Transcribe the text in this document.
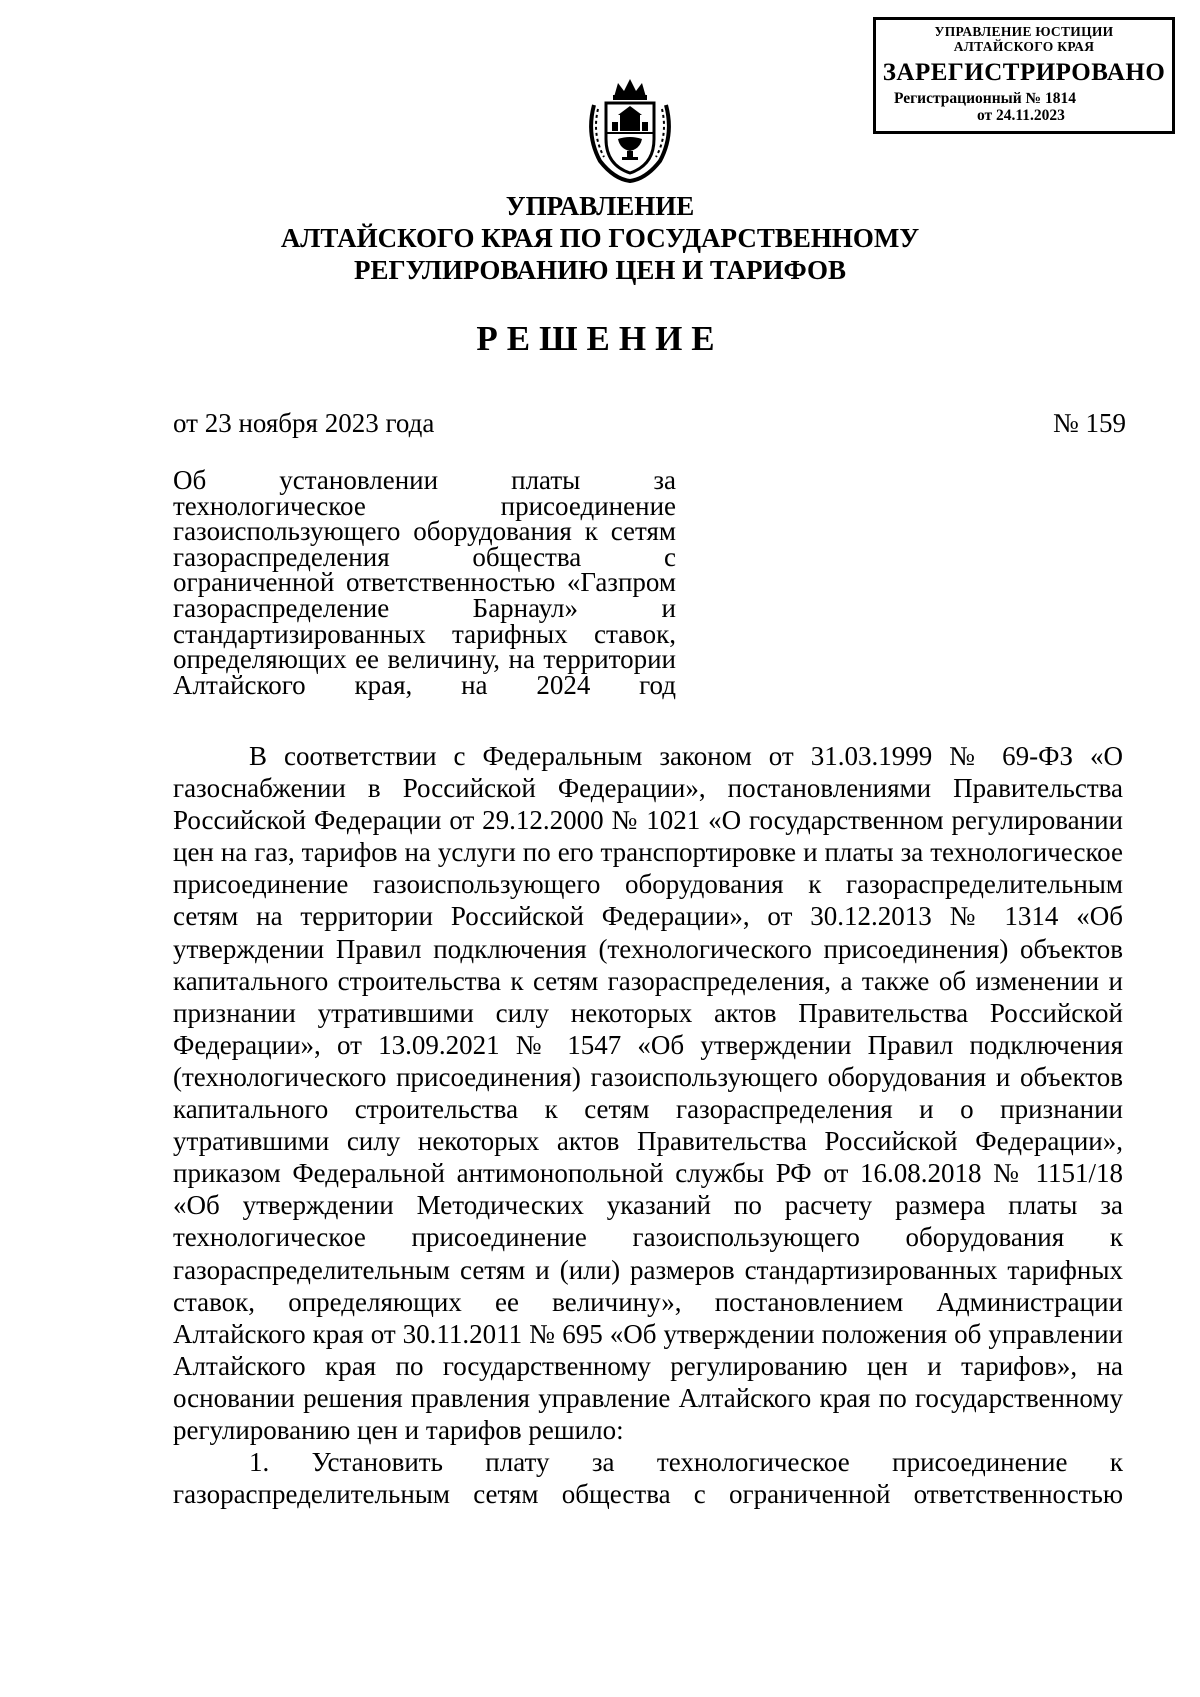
УПРАВЛЕНИЕ ЮСТИЦИИ
АЛТАЙСКОГО КРАЯ
ЗАРЕГИСТРИРОВАНО
Регистрационный № 1814
от 24.11.2023
УПРАВЛЕНИЕ
АЛТАЙСКОГО КРАЯ ПО ГОСУДАРСТВЕННОМУ
РЕГУЛИРОВАНИЮ ЦЕН И ТАРИФОВ
РЕШЕНИЕ
от 23 ноября 2023 года	№ 159
Об установлении платы за технологическое присоединение газоиспользующего оборудования к сетям газораспределения общества с ограниченной ответственностью «Газпром газораспределение Барнаул» и стандартизированных тарифных ставок, определяющих ее величину, на территории Алтайского края, на 2024 год

В соответствии с Федеральным законом от 31.03.1999 № 69-ФЗ «О газоснабжении в Российской Федерации», постановлениями Правительства Российской Федерации от 29.12.2000 № 1021 «О государственном регулировании цен на газ, тарифов на услуги по его транспортировке и платы за технологическое присоединение газоиспользующего оборудования к газораспределительным сетям на территории Российской Федерации», от 30.12.2013 № 1314 «Об утверждении Правил подключения (технологического присоединения) объектов капитального строительства к сетям газораспределения, а также об изменении и признании утратившими силу некоторых актов Правительства Российской Федерации», от 13.09.2021 № 1547 «Об утверждении Правил подключения (технологического присоединения) газоиспользующего оборудования и объектов капитального строительства к сетям газораспределения и о признании утратившими силу некоторых актов Правительства Российской Федерации», приказом Федеральной антимонопольной службы РФ от 16.08.2018 № 1151/18 «Об утверждении Методических указаний по расчету размера платы за технологическое присоединение газоиспользующего оборудования к газораспределительным сетям и (или) размеров стандартизированных тарифных ставок, определяющих ее величину», постановлением Администрации Алтайского края от 30.11.2011 № 695 «Об утверждении положения об управлении Алтайского края по государственному регулированию цен и тарифов», на основании решения правления управление Алтайского края по государственному регулированию цен и тарифов решило:

1. Установить плату за технологическое присоединение к газораспределительным сетям общества с ограниченной ответственностью
